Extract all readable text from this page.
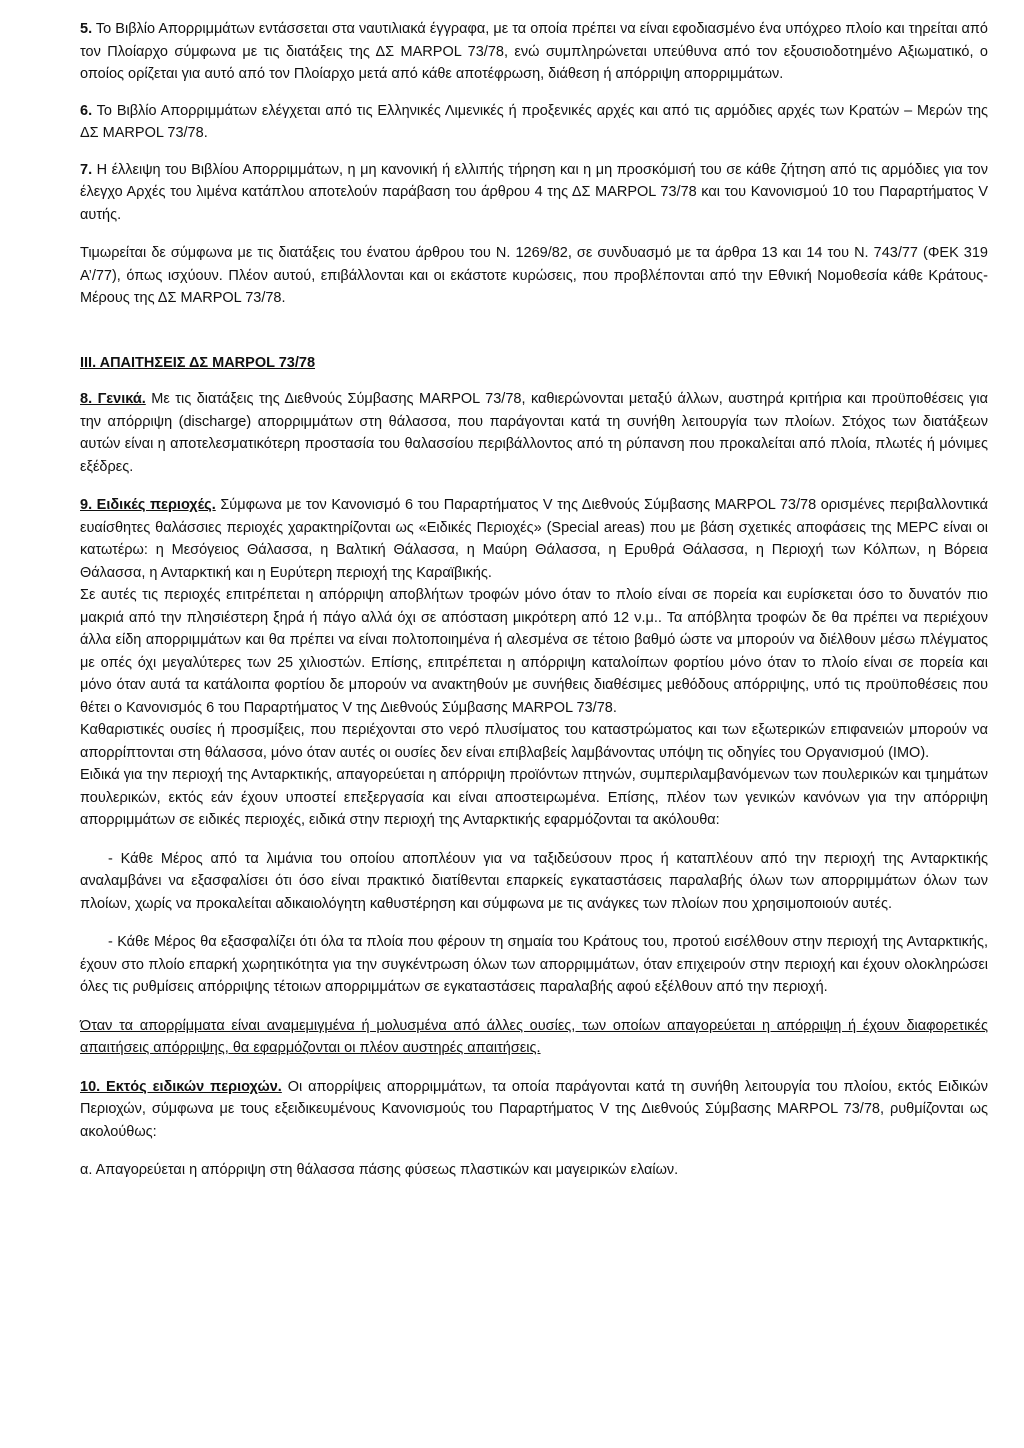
5. Το Βιβλίο Απορριμμάτων εντάσσεται στα ναυτιλιακά έγγραφα, με τα οποία πρέπει να είναι εφοδιασμένο ένα υπόχρεο πλοίο και τηρείται από τον Πλοίαρχο σύμφωνα με τις διατάξεις της ΔΣ MARPOL 73/78, ενώ συμπληρώνεται υπεύθυνα από τον εξουσιοδοτημένο Αξιωματικό, ο οποίος ορίζεται για αυτό από τον Πλοίαρχο μετά από κάθε αποτέφρωση, διάθεση ή απόρριψη απορριμμάτων.

6. Το Βιβλίο Απορριμμάτων ελέγχεται από τις Ελληνικές Λιμενικές ή προξενικές αρχές και από τις αρμόδιες αρχές των Κρατών – Μερών της ΔΣ MARPOL 73/78.

7. Η έλλειψη του Βιβλίου Απορριμμάτων, η μη κανονική ή ελλιπής τήρηση και η μη προσκόμισή του σε κάθε ζήτηση από τις αρμόδιες για τον έλεγχο Αρχές του λιμένα κατάπλου αποτελούν παράβαση του άρθρου 4 της ΔΣ MARPOL 73/78 και του Κανονισμού 10 του Παραρτήματος V αυτής.

Τιμωρείται δε σύμφωνα με τις διατάξεις του ένατου άρθρου του Ν. 1269/82, σε συνδυασμό με τα άρθρα 13 και 14 του Ν. 743/77 (ΦΕΚ 319 Α’/77), όπως ισχύουν. Πλέον αυτού, επιβάλλονται και οι εκάστοτε κυρώσεις, που προβλέπονται από την Εθνική Νομοθεσία κάθε Κράτους-Μέρους της ΔΣ MARPOL 73/78.

ΙΙΙ. ΑΠΑΙΤΗΣΕΙΣ ΔΣ MARPOL 73/78

8. Γενικά. Με τις διατάξεις της Διεθνούς Σύμβασης MARPOL 73/78, καθιερώνονται μεταξύ άλλων, αυστηρά κριτήρια και προϋποθέσεις για την απόρριψη (discharge) απορριμμάτων στη θάλασσα, που παράγονται κατά τη συνήθη λειτουργία των πλοίων. Στόχος των διατάξεων αυτών είναι η αποτελεσματικότερη προστασία του θαλασσίου περιβάλλοντος από τη ρύπανση που προκαλείται από πλοία, πλωτές ή μόνιμες εξέδρες.

9. Ειδικές περιοχές. Σύμφωνα με τον Κανονισμό 6 του Παραρτήματος V της Διεθνούς Σύμβασης MARPOL 73/78 ορισμένες περιβαλλοντικά ευαίσθητες θαλάσσιες περιοχές χαρακτηρίζονται ως «Ειδικές Περιοχές» (Special areas) που με βάση σχετικές αποφάσεις της ΜΕΡC είναι οι κατωτέρω: η Μεσόγειος Θάλασσα, η Βαλτική Θάλασσα, η Μαύρη Θάλασσα, η Ερυθρά Θάλασσα, η Περιοχή των Κόλπων, η Βόρεια Θάλασσα, η Ανταρκτική και η Ευρύτερη περιοχή της Καραϊβικής.
Σε αυτές τις περιοχές επιτρέπεται η απόρριψη αποβλήτων τροφών μόνο όταν το πλοίο είναι σε πορεία και ευρίσκεται όσο το δυνατόν πιο μακριά από την πλησιέστερη ξηρά ή πάγο αλλά όχι σε απόσταση μικρότερη από 12 ν.μ.. Τα απόβλητα τροφών δε θα πρέπει να περιέχουν άλλα είδη απορριμμάτων και θα πρέπει να είναι πολτοποιημένα ή αλεσμένα σε τέτοιο βαθμό ώστε να μπορούν να διέλθουν μέσω πλέγματος με οπές όχι μεγαλύτερες των 25 χιλιοστών. Επίσης, επιτρέπεται η απόρριψη καταλοίπων φορτίου μόνο όταν το πλοίο είναι σε πορεία και μόνο όταν αυτά τα κατάλοιπα φορτίου δε μπορούν να ανακτηθούν με συνήθεις διαθέσιμες μεθόδους απόρριψης, υπό τις προϋποθέσεις που θέτει ο Κανονισμός 6 του Παραρτήματος V της Διεθνούς Σύμβασης MARPOL 73/78.
Καθαριστικές ουσίες ή προσμίξεις, που περιέχονται στο νερό πλυσίματος του καταστρώματος και των εξωτερικών επιφανειών μπορούν να απορρίπτονται στη θάλασσα, μόνο όταν αυτές οι ουσίες δεν είναι επιβλαβείς λαμβάνοντας υπόψη τις οδηγίες του Οργανισμού (ΙΜΟ).
Ειδικά για την περιοχή της Ανταρκτικής, απαγορεύεται η απόρριψη προϊόντων πτηνών, συμπεριλαμβανόμενων των πουλερικών και τμημάτων πουλερικών, εκτός εάν έχουν υποστεί επεξεργασία και είναι αποστειρωμένα. Επίσης, πλέον των γενικών κανόνων για την απόρριψη απορριμμάτων σε ειδικές περιοχές, ειδικά στην περιοχή της Ανταρκτικής εφαρμόζονται τα ακόλουθα:

- Κάθε Μέρος από τα λιμάνια του οποίου αποπλέουν για να ταξιδεύσουν προς ή καταπλέουν από την περιοχή της Ανταρκτικής αναλαμβάνει να εξασφαλίσει ότι όσο είναι πρακτικό διατίθενται επαρκείς εγκαταστάσεις παραλαβής όλων των απορριμμάτων όλων των πλοίων, χωρίς να προκαλείται αδικαιολόγητη καθυστέρηση και σύμφωνα με τις ανάγκες των πλοίων που χρησιμοποιούν αυτές.

- Κάθε Μέρος θα εξασφαλίζει ότι όλα τα πλοία που φέρουν τη σημαία του Κράτους του, προτού εισέλθουν στην περιοχή της Ανταρκτικής, έχουν στο πλοίο επαρκή χωρητικότητα για την συγκέντρωση όλων των απορριμμάτων, όταν επιχειρούν στην περιοχή και έχουν ολοκληρώσει όλες τις ρυθμίσεις απόρριψης τέτοιων απορριμμάτων σε εγκαταστάσεις παραλαβής αφού εξέλθουν από την περιοχή.

Όταν τα απορρίμματα είναι αναμεμιγμένα ή μολυσμένα από άλλες ουσίες, των οποίων απαγορεύεται η απόρριψη ή έχουν διαφορετικές απαιτήσεις απόρριψης, θα εφαρμόζονται οι πλέον αυστηρές απαιτήσεις.

10. Εκτός ειδικών περιοχών. Οι απορρίψεις απορριμμάτων, τα οποία παράγονται κατά τη συνήθη λειτουργία του πλοίου, εκτός Ειδικών Περιοχών, σύμφωνα με τους εξειδικευμένους Κανονισμούς του Παραρτήματος V της Διεθνούς Σύμβασης MARPOL 73/78, ρυθμίζονται ως ακολούθως:

α. Απαγορεύεται η απόρριψη στη θάλασσα πάσης φύσεως πλαστικών και μαγειρικών ελαίων.
